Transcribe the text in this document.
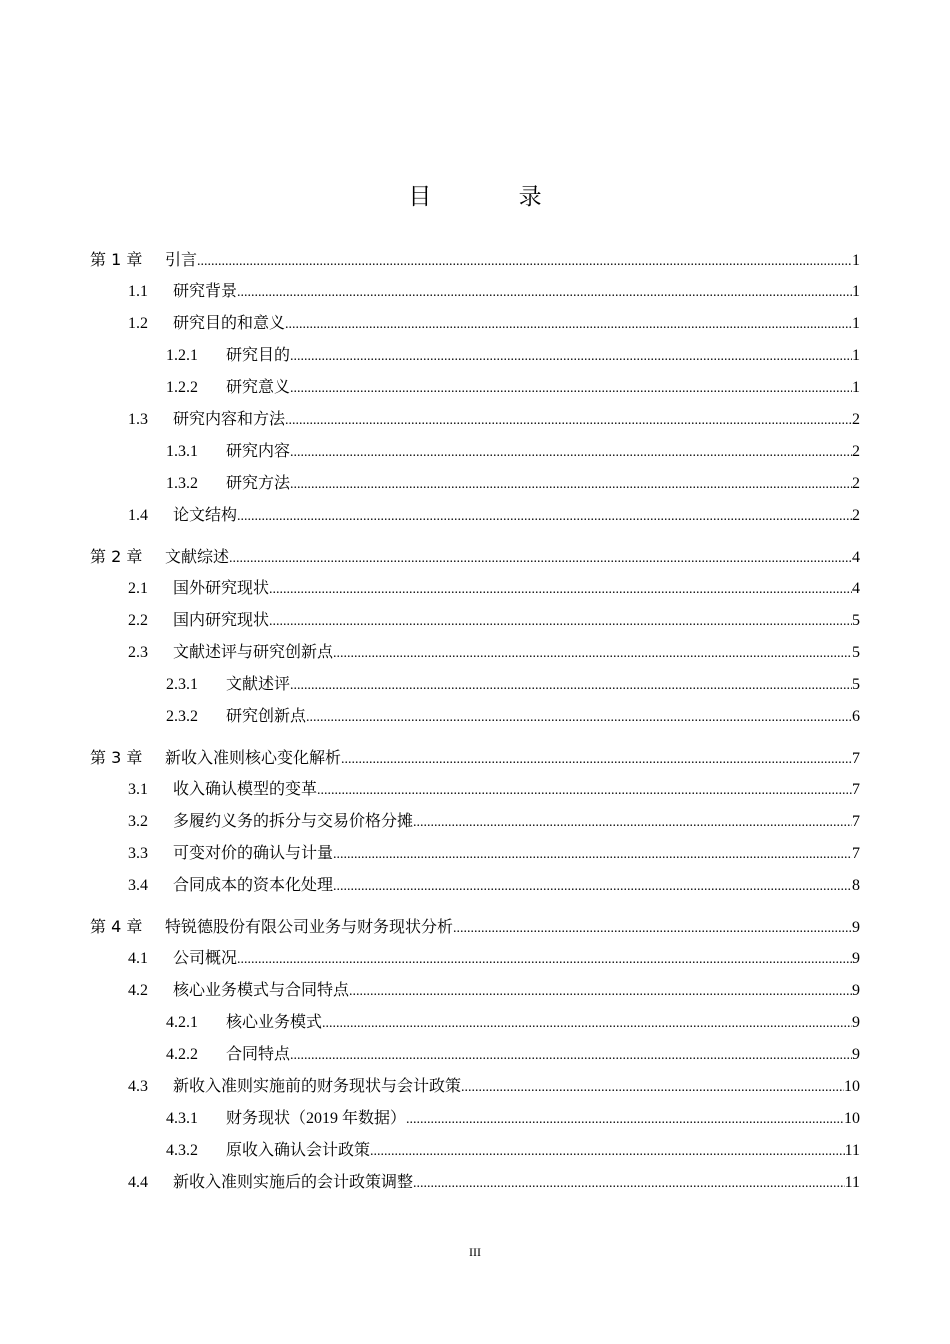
目 录
第 1 章	引言 .....	1
1.1	研究背景 .....	1
1.2	研究目的和意义 .....	1
1.2.1	研究目的 .....	1
1.2.2	研究意义 .....	1
1.3	研究内容和方法 .....	2
1.3.1	研究内容 .....	2
1.3.2	研究方法 .....	2
1.4	论文结构 .....	2
第 2 章	文献综述 .....	4
2.1	国外研究现状 .....	4
2.2	国内研究现状 .....	5
2.3	文献述评与研究创新点 .....	5
2.3.1	文献述评 .....	5
2.3.2	研究创新点 .....	6
第 3 章	新收入准则核心变化解析 .....	7
3.1	收入确认模型的变革 .....	7
3.2	多履约义务的拆分与交易价格分摊 .....	7
3.3	可变对价的确认与计量 .....	7
3.4	合同成本的资本化处理 .....	8
第 4 章	特锐德股份有限公司业务与财务现状分析 .....	9
4.1	公司概况 .....	9
4.2	核心业务模式与合同特点 .....	9
4.2.1	核心业务模式 .....	9
4.2.2	合同特点 .....	9
4.3	新收入准则实施前的财务现状与会计政策 .....	10
4.3.1	财务现状（2019 年数据） .....	10
4.3.2	原收入确认会计政策 .....	11
4.4	新收入准则实施后的会计政策调整 .....	11
III
